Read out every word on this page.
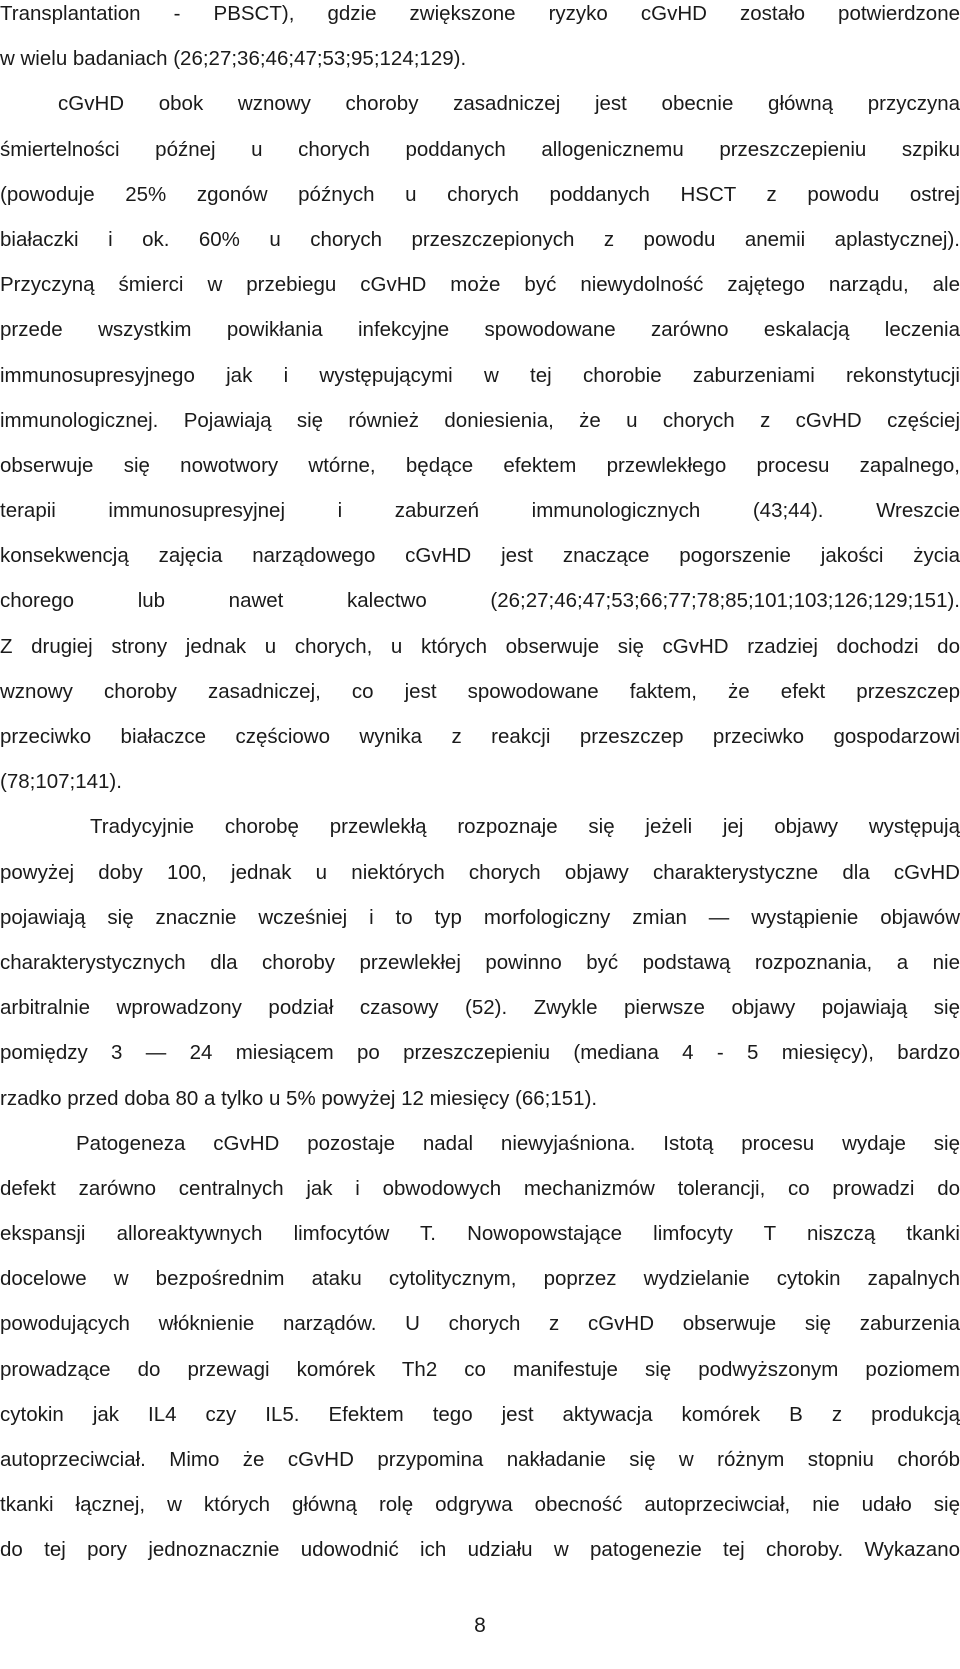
Transplantation - PBSCT), gdzie zwiększone ryzyko cGvHD zostało potwierdzone
w wielu badaniach (26;27;36;46;47;53;95;124;129).
cGvHD obok wznowy choroby zasadniczej jest obecnie główną przyczyna
śmiertelności późnej u chorych poddanych allogenicznemu przeszczepieniu szpiku
(powoduje 25% zgonów późnych u chorych poddanych HSCT z powodu ostrej
białaczki i ok. 60% u chorych przeszczepionych z powodu anemii aplastycznej).
Przyczyną śmierci w przebiegu cGvHD może być niewydolność zajętego narządu, ale
przede wszystkim powikłania infekcyjne spowodowane zarówno eskalacją leczenia
immunosupresyjnego jak i występującymi w tej chorobie zaburzeniami rekonstytucji
immunologicznej. Pojawiają się również doniesienia, że u chorych z cGvHD częściej
obserwuje się nowotwory wtórne, będące efektem przewlekłego procesu zapalnego,
terapii immunosupresyjnej i zaburzeń immunologicznych (43;44). Wreszcie
konsekwencją zajęcia narządowego cGvHD jest znaczące pogorszenie jakości życia
chorego lub nawet kalectwo (26;27;46;47;53;66;77;78;85;101;103;126;129;151).
Z drugiej strony jednak u chorych, u których obserwuje się cGvHD rzadziej dochodzi do
wznowy choroby zasadniczej, co jest spowodowane faktem, że efekt przeszczep
przeciwko białaczce częściowo wynika z reakcji przeszczep przeciwko gospodarzowi
(78;107;141).
Tradycyjnie chorobę przewlekłą rozpoznaje się jeżeli jej objawy występują
powyżej doby 100, jednak u niektórych chorych objawy charakterystyczne dla cGvHD
pojawiają się znacznie wcześniej i to typ morfologiczny zmian — wystąpienie objawów
charakterystycznych dla choroby przewlekłej powinno być podstawą rozpoznania, a nie
arbitralnie wprowadzony podział czasowy (52). Zwykle pierwsze objawy pojawiają się
pomiędzy 3 — 24 miesiącem po przeszczepieniu (mediana 4 - 5 miesięcy), bardzo
rzadko przed doba 80 a tylko u 5% powyżej 12 miesięcy (66;151).
Patogeneza cGvHD pozostaje nadal niewyjaśniona. Istotą procesu wydaje się
defekt zarówno centralnych jak i obwodowych mechanizmów tolerancji, co prowadzi do
ekspansji alloreaktywnych limfocytów T. Nowopowstające limfocyty T niszczą tkanki
docelowe w bezpośrednim ataku cytolitycznym, poprzez wydzielanie cytokin zapalnych
powodujących włóknienie narządów. U chorych z cGvHD obserwuje się zaburzenia
prowadzące do przewagi komórek Th2 co manifestuje się podwyższonym poziomem
cytokin jak IL4 czy IL5. Efektem tego jest aktywacja komórek B z produkcją
autoprzeciwciał. Mimo że cGvHD przypomina nakładanie się w różnym stopniu chorób
tkanki łącznej, w których główną rolę odgrywa obecność autoprzeciwciał, nie udało się
do tej pory jednoznacznie udowodnić ich udziału w patogenezie tej choroby. Wykazano
8
